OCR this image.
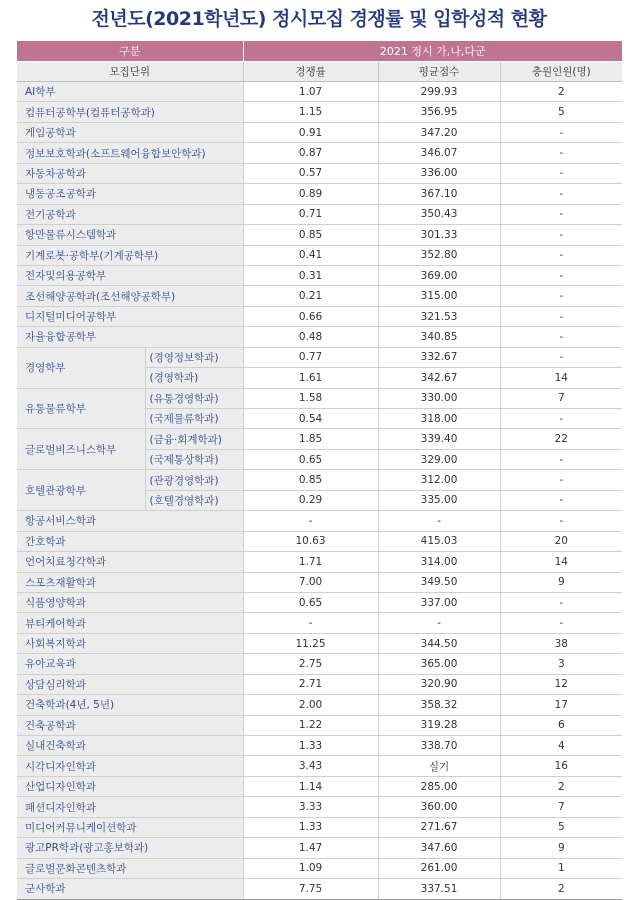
전년도(2021학년도) 정시모집 경쟁률 및 입학성적 현황
구분		2021 정시 가,나,다군		
모집단위		경쟁률	평균점수	충원인원(명)
AI학부		1.07	299.93	2
컴퓨터공학부(컴퓨터공학과)		1.15	356.95	5
게임공학과		0.91	347.20	-
정보보호학과(소프트웨어융합보안학과)		0.87	346.07	-
자동차공학과		0.57	336.00	-
냉동공조공학과		0.89	367.10	-
전기공학과		0.71	350.43	-
항만물류시스템학과		0.85	301.33	-
기계로봇·공학부(기계공학부)		0.41	352.80	-
전자및의용공학부		0.31	369.00	-
조선해양공학과(조선해양공학부)		0.21	315.00	-
디지털미디어공학부		0.66	321.53	-
자율융합공학부		0.48	340.85	-
경영학부	(경영정보학과)	0.77	332.67	-
	(경영학과)	1.61	342.67	14
유통물류학부	(유통경영학과)	1.58	330.00	7
	(국제물류학과)	0.54	318.00	-
글로벌비즈니스학부	(금융·회계학과)	1.85	339.40	22
	(국제통상학과)	0.65	329.00	-
호텔관광학부	(관광경영학과)	0.85	312.00	-
	(호텔경영학과)	0.29	335.00	-
항공서비스학과		-	-	-
간호학과		10.63	415.03	20
언어치료청각학과		1.71	314.00	14
스포츠재활학과		7.00	349.50	9
식품영양학과		0.65	337.00	-
뷰티케어학과		-	-	-
사회복지학과		11.25	344.50	38
유아교육과		2.75	365.00	3
상담심리학과		2.71	320.90	12
건축학과(4년, 5년)		2.00	358.32	17
건축공학과		1.22	319.28	6
실내건축학과		1.33	338.70	4
시각디자인학과		3.43	실기	16
산업디자인학과		1.14	285.00	2
패션디자인학과		3.33	360.00	7
미디어커뮤니케이션학과		1.33	271.67	5
광고PR학과(광고홍보학과)		1.47	347.60	9
글로벌문화콘텐츠학과		1.09	261.00	1
군사학과		7.75	337.51	2
